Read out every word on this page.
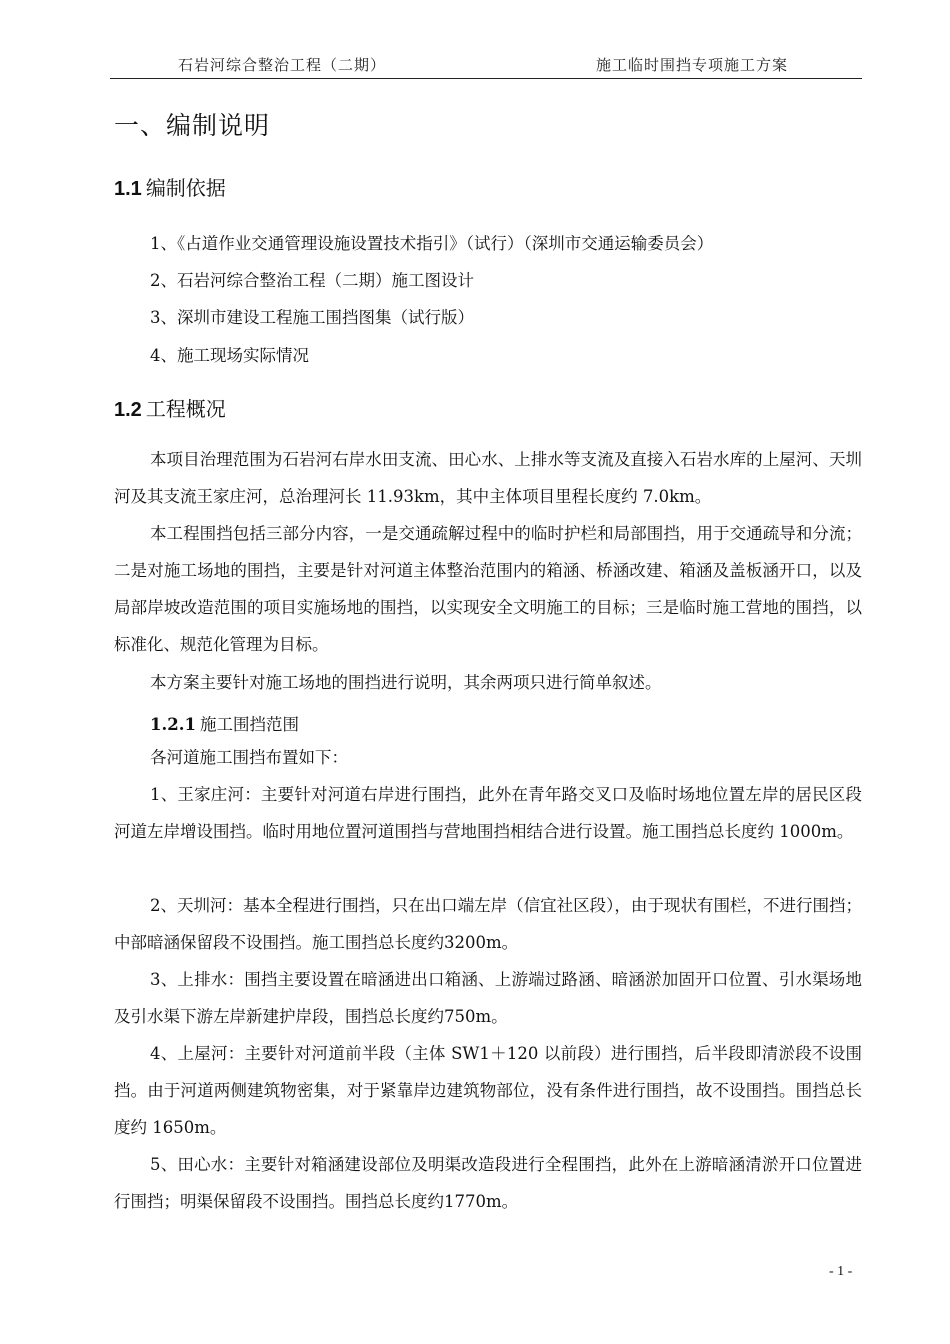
石岩河综合整治工程（二期）	施工临时围挡专项施工方案
一、编制说明
1.1 编制依据
1、《占道作业交通管理设施设置技术指引》（试行）（深圳市交通运输委员会）
2、石岩河综合整治工程（二期）施工图设计
3、深圳市建设工程施工围挡图集（试行版）
4、施工现场实际情况
1.2 工程概况
本项目治理范围为石岩河右岸水田支流、田心水、上排水等支流及直接入石岩水库的上屋河、天圳河及其支流王家庄河，总治理河长 11.93km，其中主体项目里程长度约 7.0km。
本工程围挡包括三部分内容，一是交通疏解过程中的临时护栏和局部围挡，用于交通疏导和分流；二是对施工场地的围挡，主要是针对河道主体整治范围内的箱涵、桥涵改建、箱涵及盖板涵开口，以及局部岸坡改造范围的项目实施场地的围挡，以实现安全文明施工的目标；三是临时施工营地的围挡，以标准化、规范化管理为目标。
本方案主要针对施工场地的围挡进行说明，其余两项只进行简单叙述。
1.2.1 施工围挡范围
各河道施工围挡布置如下：
1、王家庄河：主要针对河道右岸进行围挡，此外在青年路交叉口及临时场地位置左岸的居民区段河道左岸增设围挡。临时用地位置河道围挡与营地围挡相结合进行设置。施工围挡总长度约 1000m。
2、天圳河：基本全程进行围挡，只在出口端左岸（信宜社区段），由于现状有围栏，不进行围挡；中部暗涵保留段不设围挡。施工围挡总长度约3200m。
3、上排水：围挡主要设置在暗涵进出口箱涵、上游端过路涵、暗涵淤加固开口位置、引水渠场地及引水渠下游左岸新建护岸段，围挡总长度约750m。
4、上屋河：主要针对河道前半段（主体 SW1＋120 以前段）进行围挡，后半段即清淤段不设围挡。由于河道两侧建筑物密集，对于紧靠岸边建筑物部位，没有条件进行围挡，故不设围挡。围挡总长度约 1650m。
5、田心水：主要针对箱涵建设部位及明渠改造段进行全程围挡，此外在上游暗涵清淤开口位置进行围挡；明渠保留段不设围挡。围挡总长度约1770m。
- 1 -
